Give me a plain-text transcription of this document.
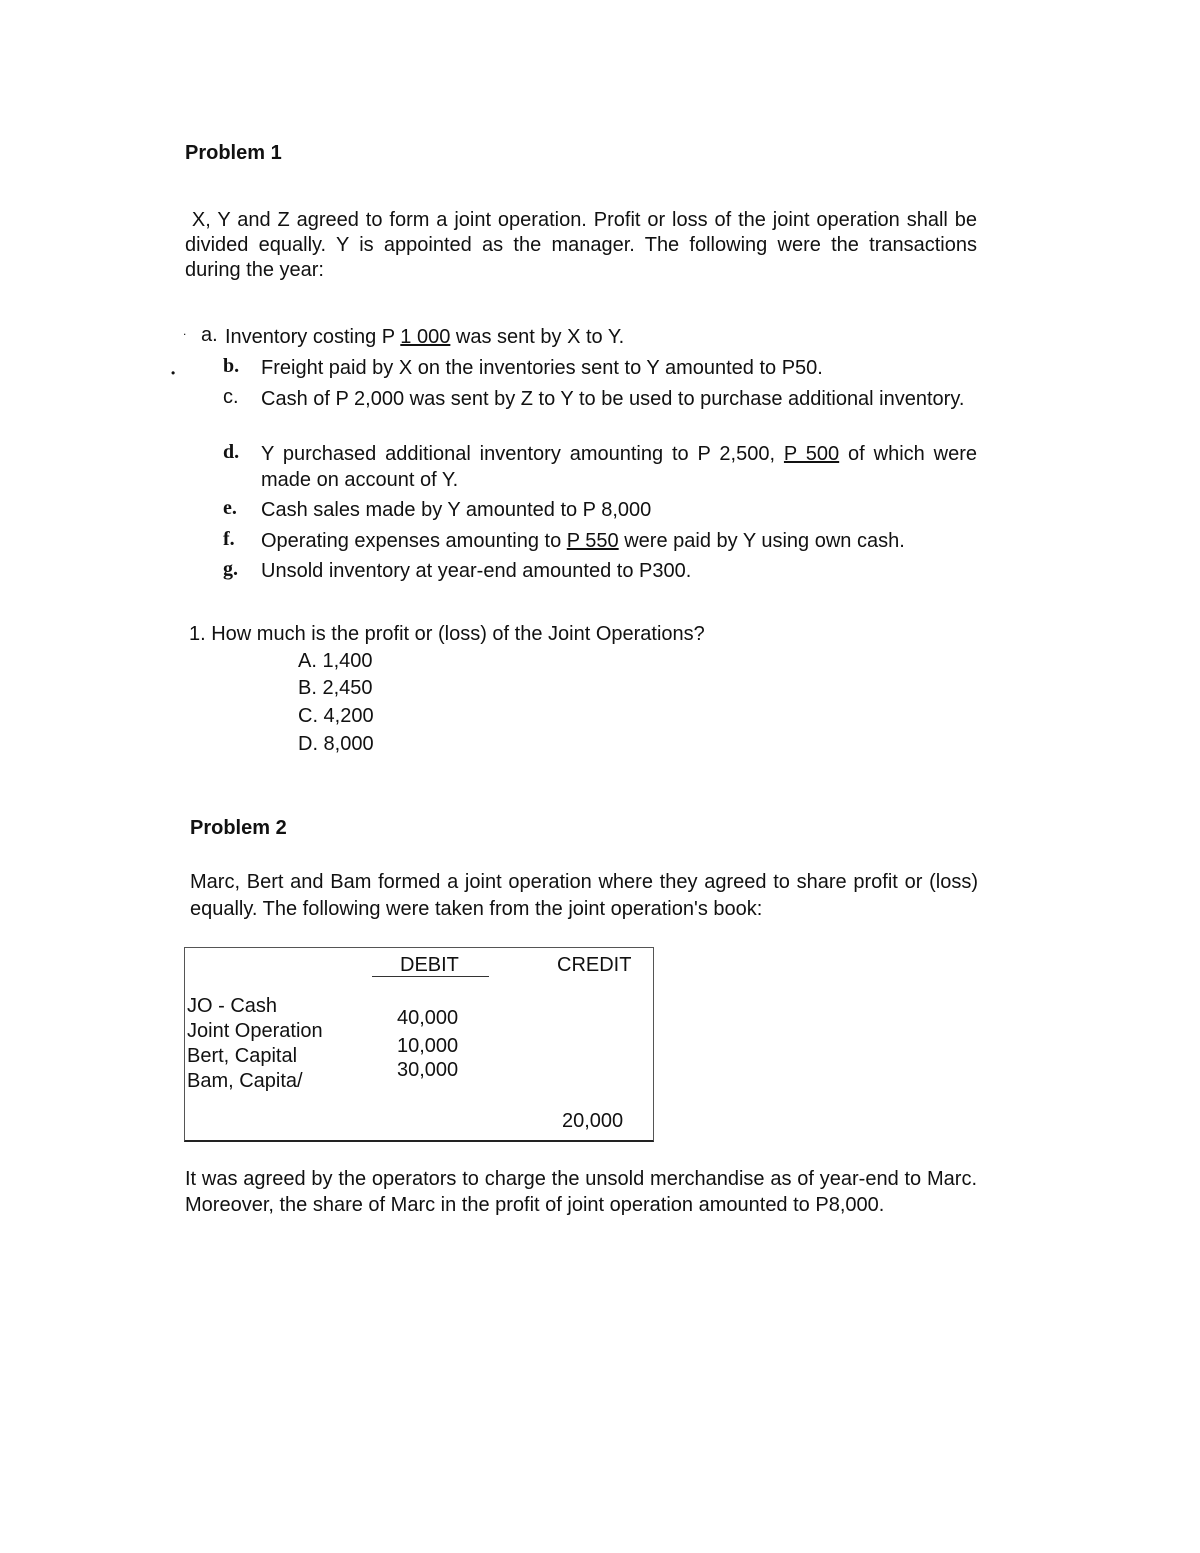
Problem 1
X, Y and Z agreed to form a joint operation. Profit or loss of the joint operation shall be divided equally. Y is appointed as the manager. The following were the transactions during the year:
.
•
a. Inventory costing P 1 000 was sent by X to Y.
b. Freight paid by X on the inventories sent to Y amounted to P50.
c. Cash of P 2,000 was sent by Z to Y to be used to purchase additional inventory.
d. Y purchased additional inventory amounting to P 2,500, P 500 of which were made on account of Y.
e. Cash sales made by Y amounted to P 8,000
f. Operating expenses amounting to P 550 were paid by Y using own cash.
g. Unsold inventory at year-end amounted to P300.
1. How much is the profit or (loss) of the Joint Operations?
A. 1,400
B. 2,450
C. 4,200
D. 8,000
Problem 2
Marc, Bert and Bam formed a joint operation where they agreed to share profit or (loss) equally. The following were taken from the joint operation's book:
DEBIT	CREDIT
JO - Cash
Joint Operation
Bert, Capital
Bam, Capita/
40,000
10,000
30,000
20,000
It was agreed by the operators to charge the unsold merchandise as of year-end to Marc. Moreover, the share of Marc in the profit of joint operation amounted to P8,000.
